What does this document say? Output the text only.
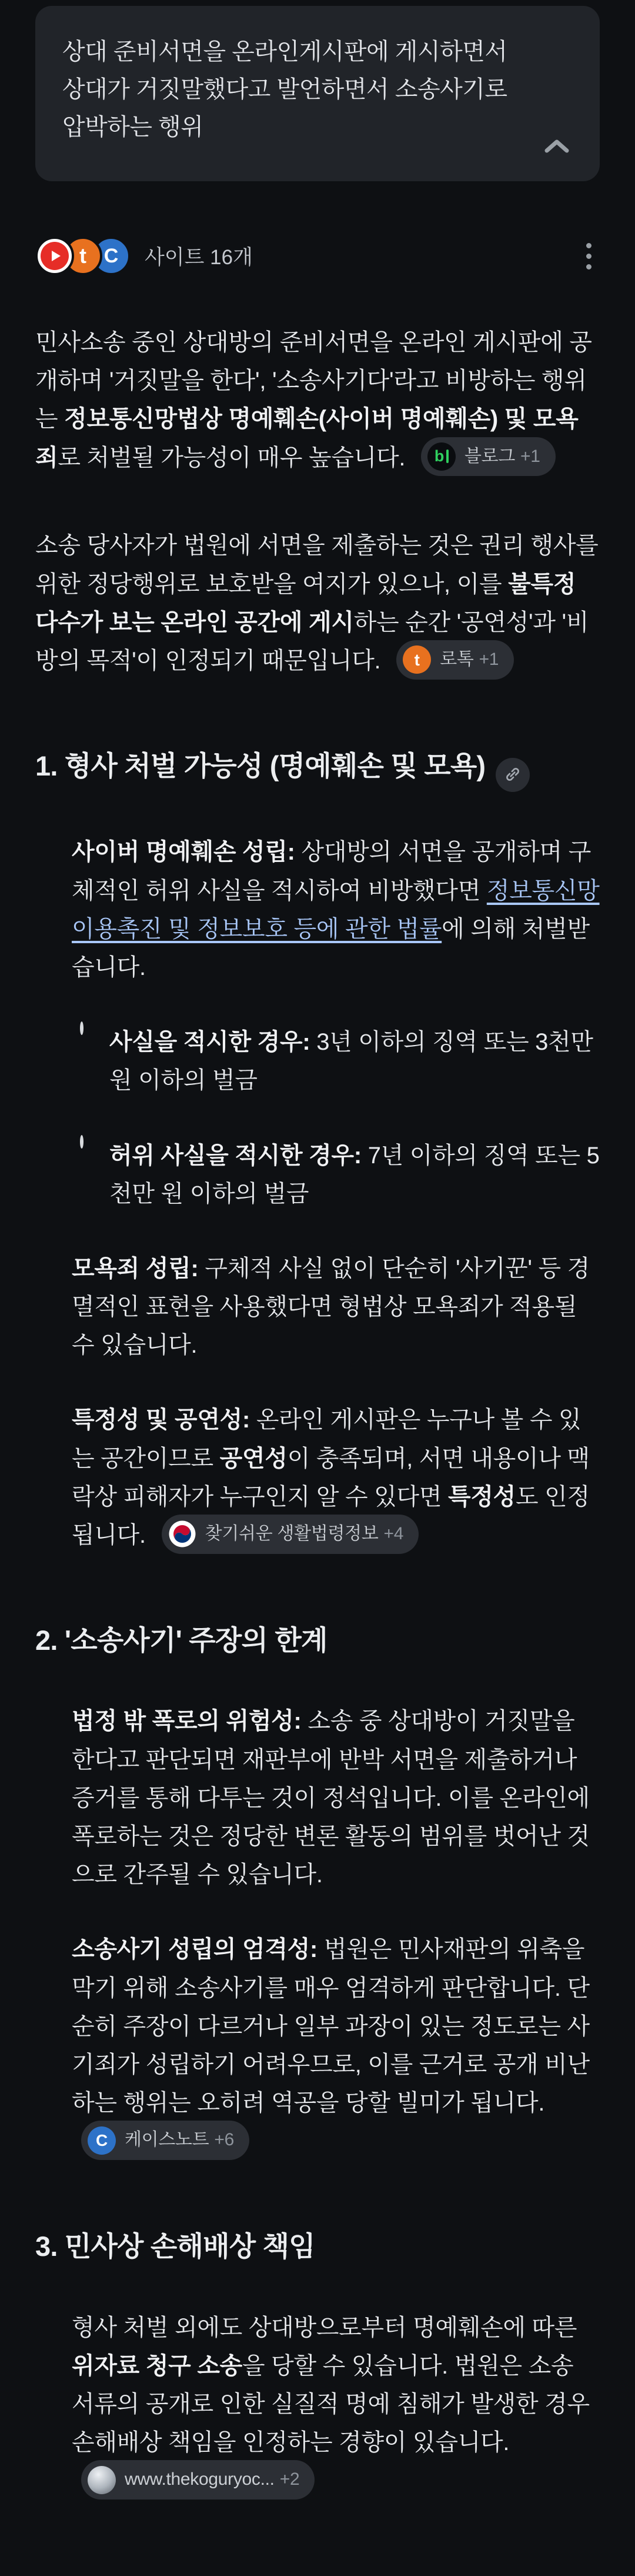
상대 준비서면을 온라인게시판에 게시하면서 상대가 거짓말했다고 발언하면서 소송사기로 압박하는 행위
t C	사이트 16개

민사소송 중인 상대방의 준비서면을 온라인 게시판에 공개하며 '거짓말을 한다', '소송사기다'라고 비방하는 행위는 정보통신망법상 명예훼손(사이버 명예훼손) 및 모욕죄로 처벌될 가능성이 매우 높습니다. b 블로그 +1

소송 당사자가 법원에 서면을 제출하는 것은 권리 행사를 위한 정당행위로 보호받을 여지가 있으나, 이를 불특정 다수가 보는 온라인 공간에 게시하는 순간 '공연성'과 '비방의 목적'이 인정되기 때문입니다.	t	로톡 +1

1. 형사 처벌 가능성 (명예훼손 및 모욕)
사이버 명예훼손 성립: 상대방의 서면을 공개하며 구체적인 허위 사실을 적시하여 비방했다면 정보통신망 이용촉진 및 정보보호 등에 관한 법률에 의해 처벌받습니다.
사실을 적시한 경우: 3년 이하의 징역 또는 3천만 원 이하의 벌금
허위 사실을 적시한 경우: 7년 이하의 징역 또는 5천만 원 이하의 벌금
모욕죄 성립: 구체적 사실 없이 단순히 '사기꾼' 등 경멸적인 표현을 사용했다면 형법상 모욕죄가 적용될 수 있습니다.
특정성 및 공연성: 온라인 게시판은 누구나 볼 수 있는 공간이므로 공연성이 충족되며, 서면 내용이나 맥락상 피해자가 누구인지 알 수 있다면 특정성도 인정됩니다.	찾기쉬운 생활법령정보 +4
2. '소송사기' 주장의 한계
법정 밖 폭로의 위험성: 소송 중 상대방이 거짓말을 한다고 판단되면 재판부에 반박 서면을 제출하거나 증거를 통해 다투는 것이 정석입니다. 이를 온라인에 폭로하는 것은 정당한 변론 활동의 범위를 벗어난 것으로 간주될 수 있습니다.
소송사기 성립의 엄격성: 법원은 민사재판의 위축을 막기 위해 소송사기를 매우 엄격하게 판단합니다. 단순히 주장이 다르거나 일부 과장이 있는 정도로는 사기죄가 성립하기 어려우므로, 이를 근거로 공개 비난하는 행위는 오히려 역공을 당할 빌미가 됩니다.
C 케이스노트 +6
3. 민사상 손해배상 책임
형사 처벌 외에도 상대방으로부터 명예훼손에 따른 위자료 청구 소송을 당할 수 있습니다. 법원은 소송 서류의 공개로 인한 실질적 명예 침해가 발생한 경우 손해배상 책임을 인정하는 경향이 있습니다.
www.thekoguryoc... +2
